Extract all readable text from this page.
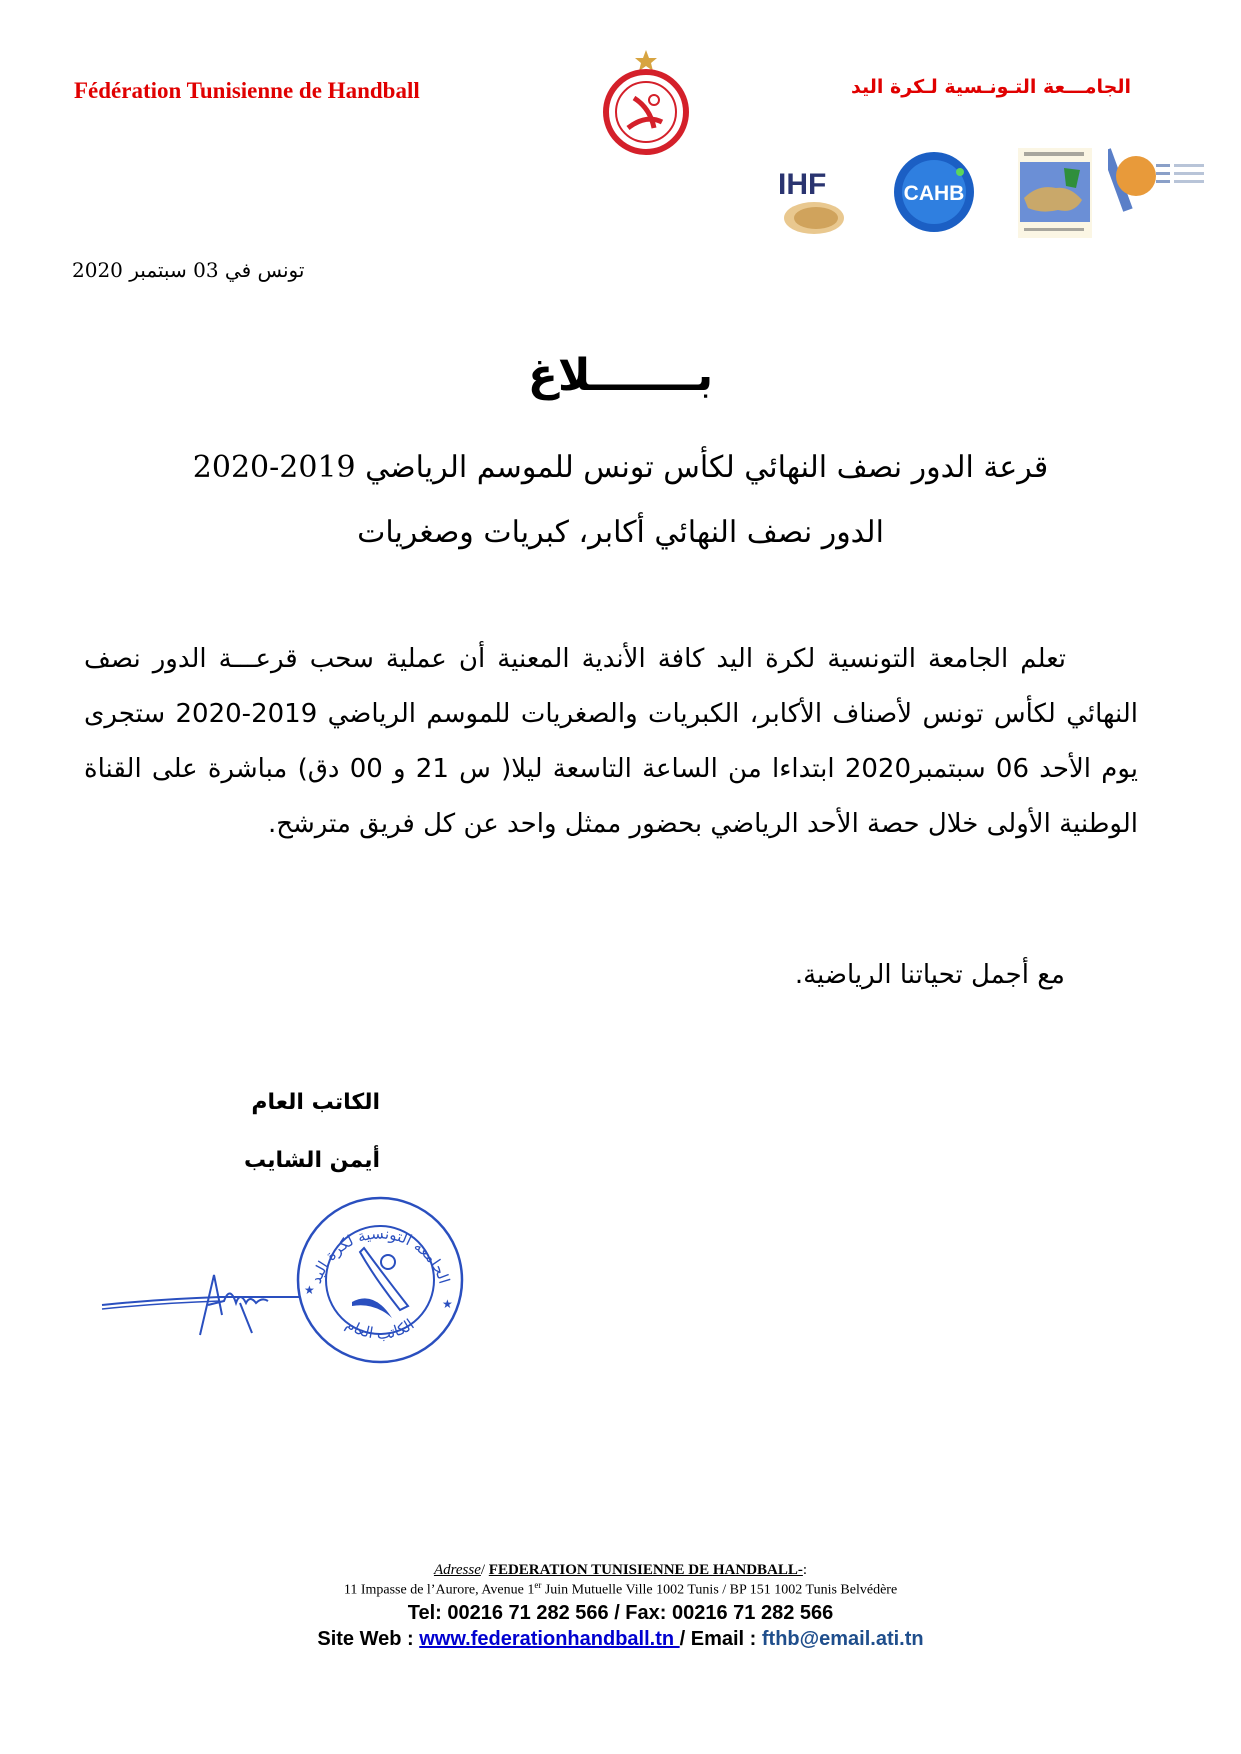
Fédération Tunisienne de Handball	الجامـــعة التـونـسية لـكرة اليد
IHF	CAHB
تونس في 03 سبتمبر 2020
بـــــــلاغ
قرعة الدور نصف النهائي لكأس تونس للموسم الرياضي 2019-2020
الدور نصف النهائي أكابر، كبريات وصغريات

تعلم الجامعة التونسية لكرة اليد كافة الأندية المعنية أن عملية سحب قرعـــة الدور نصف النهائي لكأس تونس لأصناف الأكابر، الكبريات والصغريات للموسم الرياضي 2019-2020 ستجرى يوم الأحد 06 سبتمبر2020 ابتداءا من الساعة التاسعة ليلا( س 21 و 00 دق) مباشرة على القناة الوطنية الأولى خلال حصة الأحد الرياضي بحضور ممثل واحد عن كل فريق مترشح.

مع أجمل تحياتنا الرياضية.
الكاتب العام
أيمن الشايب
الجامعة التونسية لكرة اليد
الكاتب العام
★
★
Adresse/ FEDERATION TUNISIENNE DE HANDBALL-:
11 Impasse de l’Aurore, Avenue 1er Juin Mutuelle Ville 1002 Tunis / BP 151 1002 Tunis Belvédère
Tel: 00216 71 282 566 / Fax: 00216 71 282 566
Site Web : www.federationhandball.tn / Email : fthb@email.ati.tn
